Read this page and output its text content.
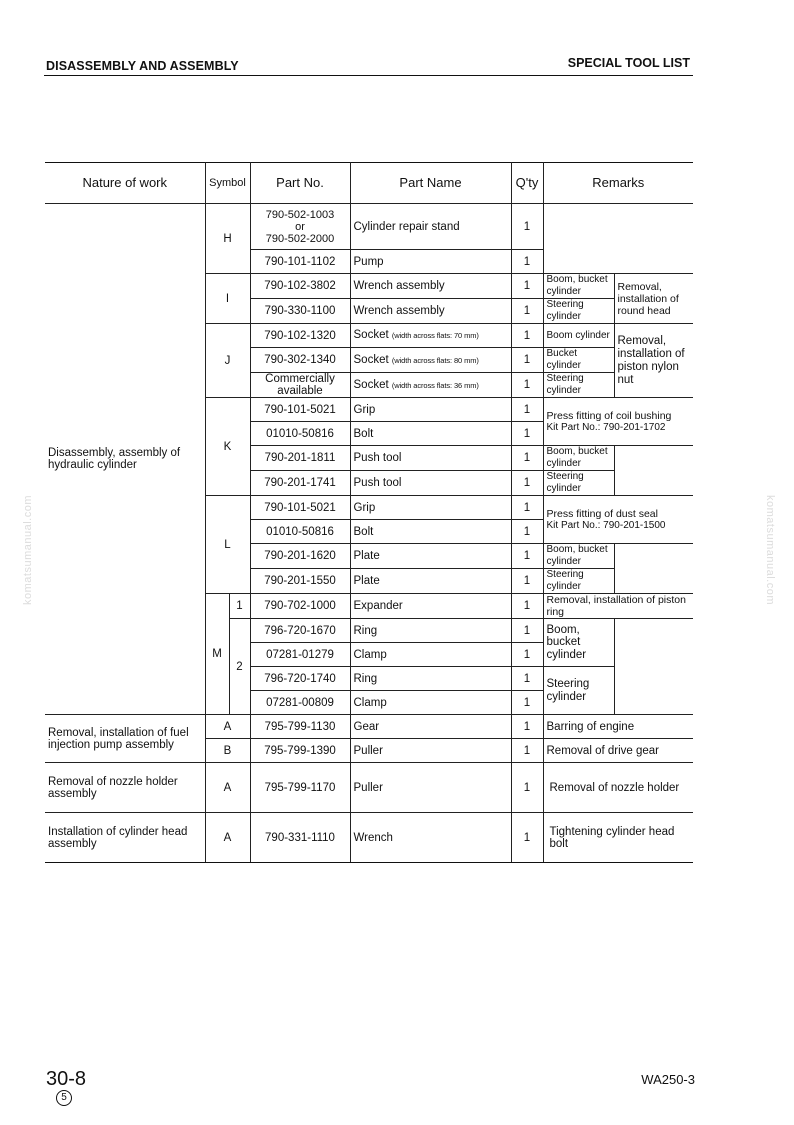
DISASSEMBLY AND ASSEMBLY	SPECIAL TOOL LIST
komatsumanual.com	komatsumanual.com
Nature of work	Symbol		Part No.	Part Name	Q'ty	Remarks	
Disassembly, assembly of hydraulic cylinder	H		790-502-1003
or
790-502-2000	Cylinder repair stand	1		
			790-101-1102	Pump	1		
	I		790-102-3802	Wrench assembly	1	Boom, bucket cylinder	Removal, installation of round head
			790-330-1100	Wrench assembly	1	Steering cylinder	
	J		790-102-1320	Socket (width across flats: 70 mm)	1	Boom cylinder	Removal, installation of piston nylon nut
			790-302-1340	Socket (width across flats: 80 mm)	1	Bucket cylinder	
			Commercially available	Socket (width across flats: 36 mm)	1	Steering cylinder	
	K		790-101-5021	Grip	1	Press fitting of coil bushing
Kit Part No.: 790-201-1702	

			01010-50816	Bolt	1		
			790-201-1811	Push tool	1	Boom, bucket cylinder	
			790-201-1741	Push tool	1	Steering cylinder	
	L		790-101-5021	Grip	1	Press fitting of dust seal
Kit Part No.: 790-201-1500	

			01010-50816	Bolt	1		
			790-201-1620	Plate	1	Boom, bucket cylinder	
			790-201-1550	Plate	1	Steering cylinder	
	M	1	790-702-1000	Expander	1	Removal, installation of piston ring	
		2	796-720-1670	Ring	1	Boom, bucket cylinder	
			07281-01279	Clamp	1		
			796-720-1740	Ring	1	Steering cylinder	
			07281-00809	Clamp	1		
Removal, installation of fuel injection pump assembly	A		795-799-1130	Gear	1	Barring of engine	
	B		795-799-1390	Puller	1	Removal of drive gear	
Removal of nozzle holder assembly	A		795-799-1170	Puller	1	Removal of nozzle holder	
Installation of cylinder head assembly	A		790-331-1110	Wrench	1	Tightening cylinder head bolt	
30-8
5
WA250-3
